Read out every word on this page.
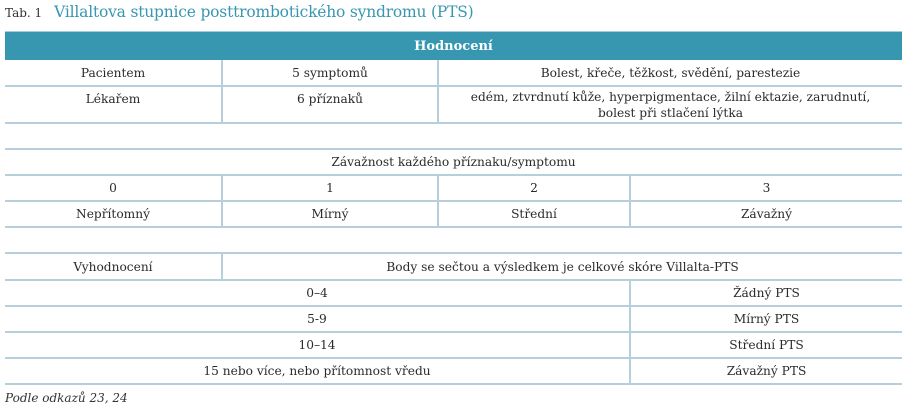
Tab. 1 Villaltova stupnice posttrombotického syndromu (PTS)
Hodnocení
Pacientem	5 symptomů	Bolest, křeče, těžkost, svědění, parestezie
Lékařem	6 příznaků	edém, ztvrdnutí kůže, hyperpigmentace, žilní ektazie, zarudnutí, bolest při stlačení lýtka
Závažnost každého příznaku/symptomu
0	1	2	3
Nepřítomný	Mírný	Střední	Závažný
Vyhodnocení	Body se sečtou a výsledkem je celkové skóre Villalta-PTS
0–4	Žádný PTS
5-9	Mírný PTS
10–14	Střední PTS
15 nebo více, nebo přítomnost vředu	Závažný PTS
Podle odkazů 23, 24
